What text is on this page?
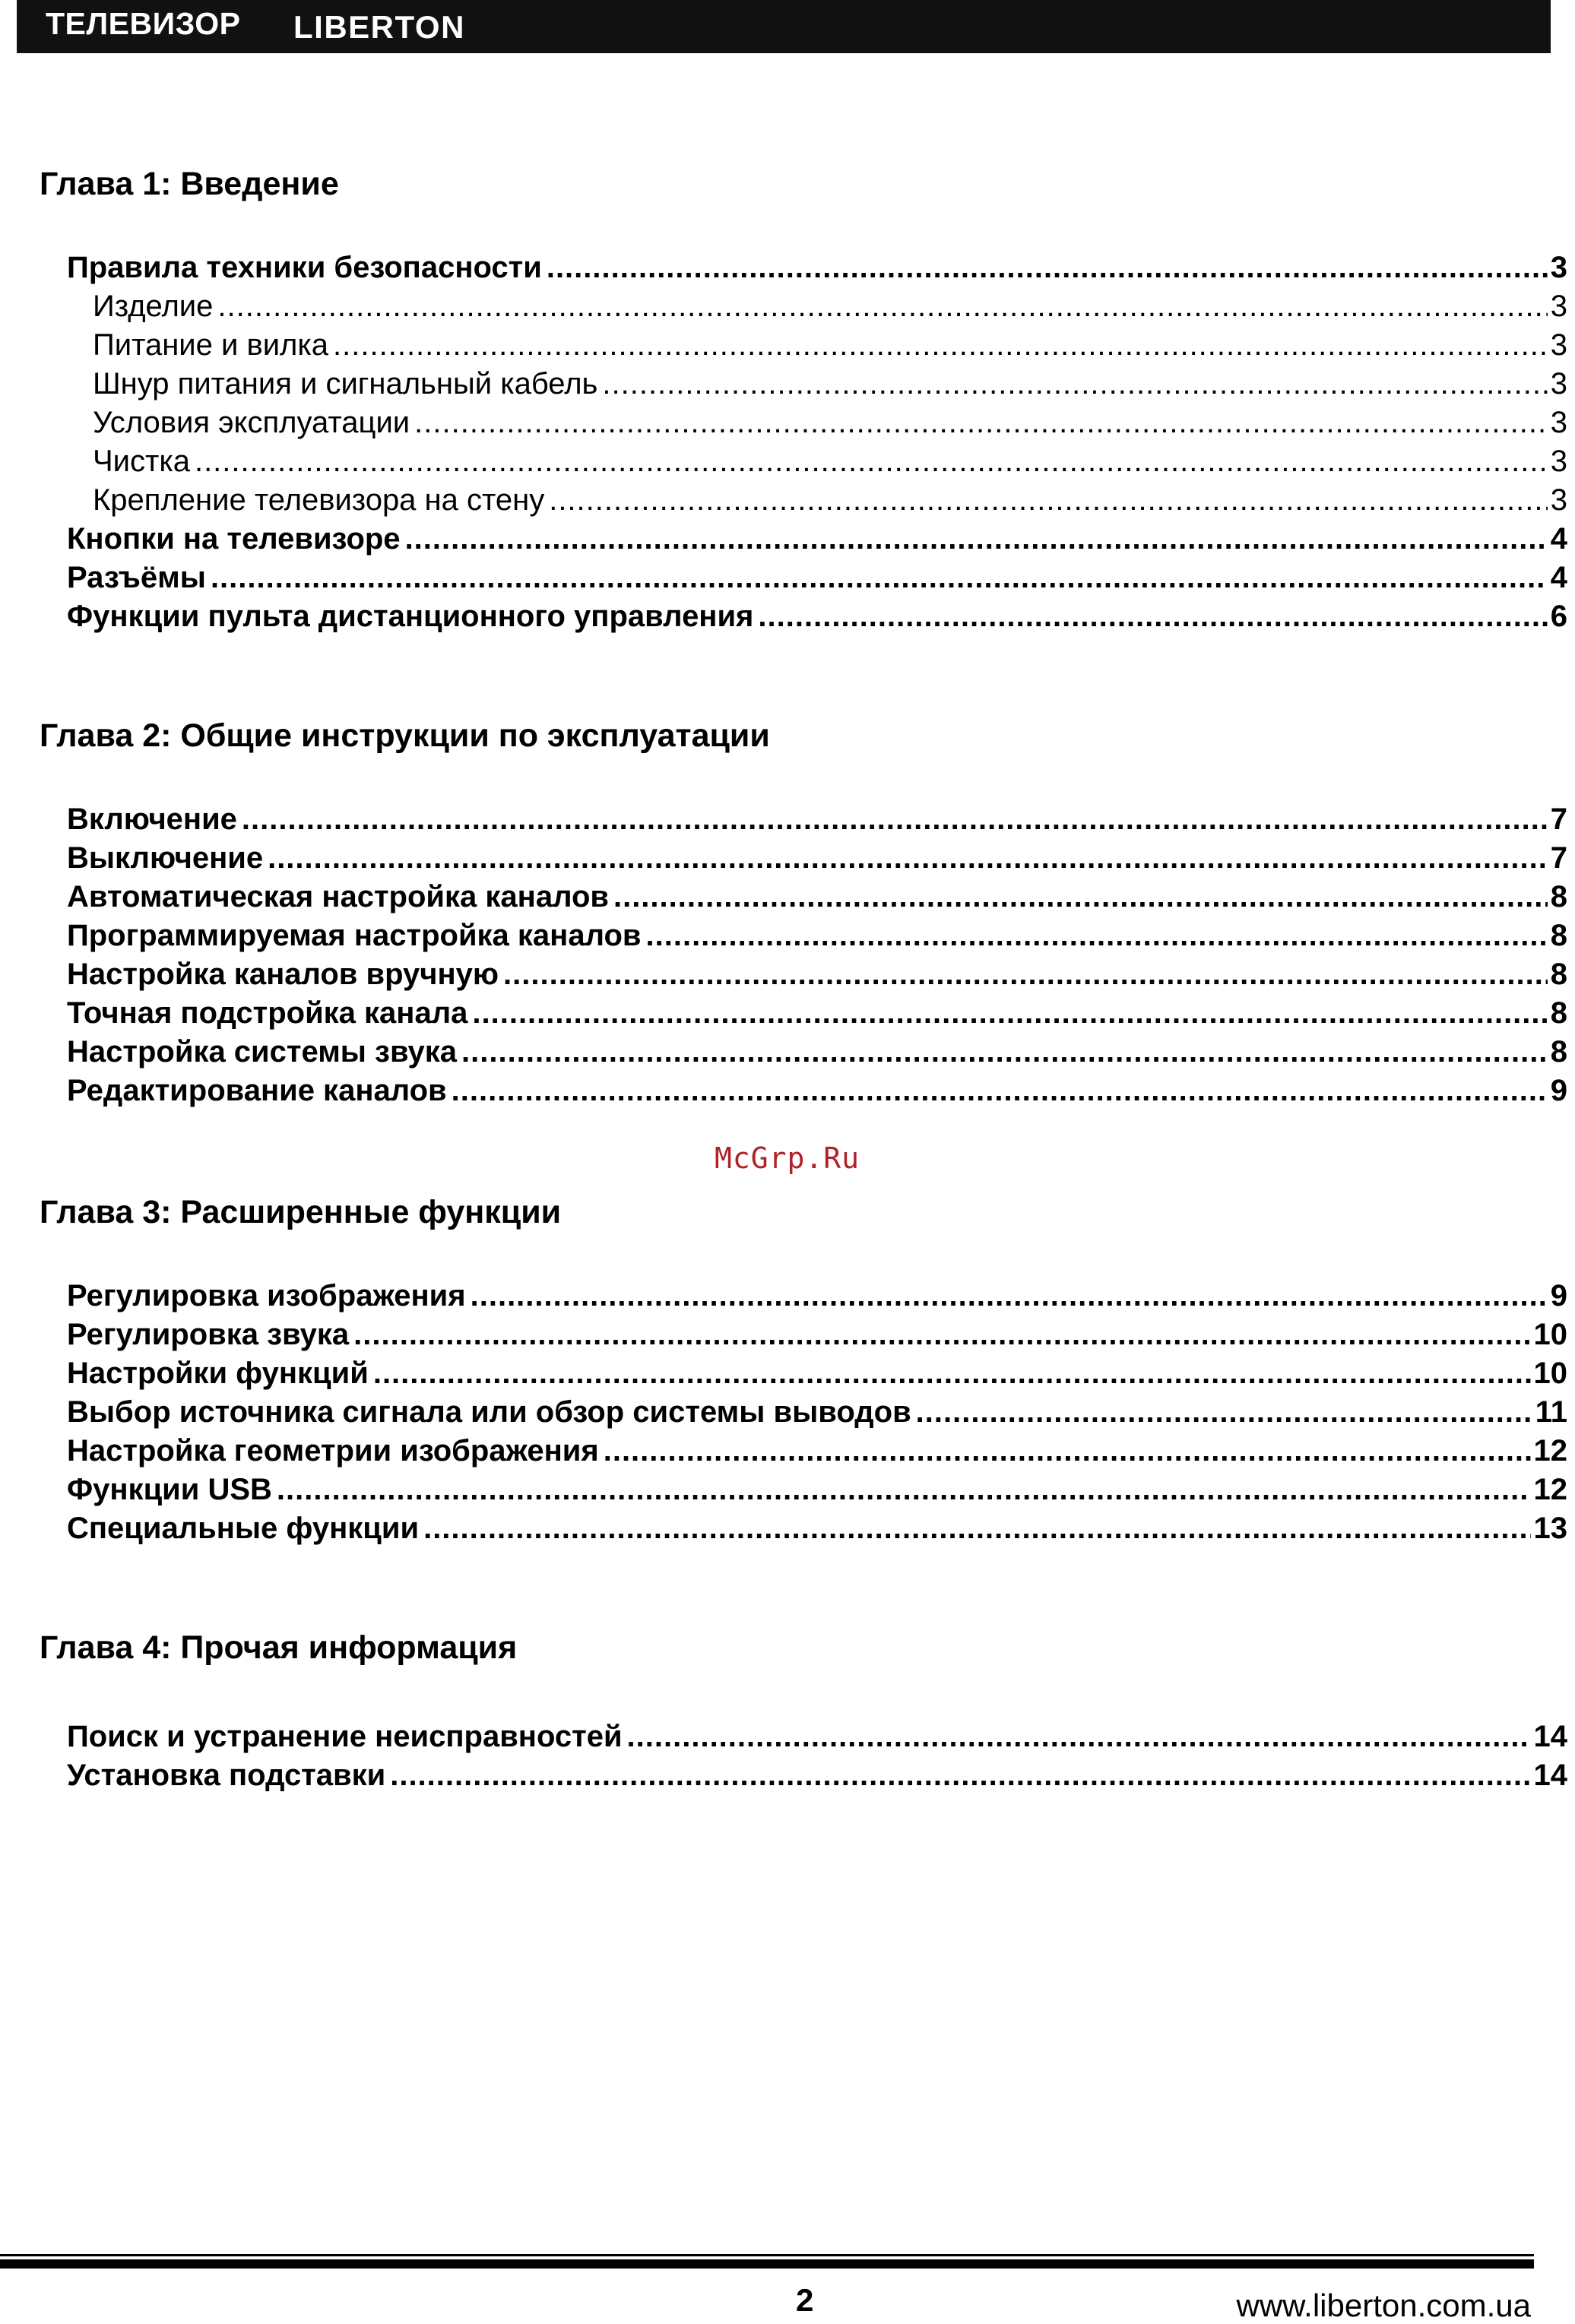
ТЕЛЕВИЗОР LIBERTON
Глава 1: Введение
Правила техники безопасности .....	3
Изделие .....	3
Питание и вилка .....	3
Шнур питания и сигнальный кабель .....	3
Условия эксплуатации .....	3
Чистка .....	3
Крепление телевизора на стену .....	3
Кнопки на телевизоре .....	4
Разъёмы .....	4
Функции пульта дистанционного управления .....	6
Глава 2: Общие инструкции по эксплуатации
Включение .....	7
Выключение .....	7
Автоматическая настройка каналов .....	8
Программируемая настройка каналов .....	8
Настройка каналов вручную .....	8
Точная подстройка канала .....	8
Настройка системы звука .....	8
Редактирование каналов .....	9
McGrp.Ru
Глава 3: Расширенные функции
Регулировка изображения .....	9
Регулировка звука .....	10
Настройки функций .....	10
Выбор источника сигнала или обзор системы выводов .....	11
Настройка геометрии изображения .....	12
Функции USB .....	12
Специальные функции .....	13
Глава 4: Прочая информация
Поиск и устранение неисправностей .....	14
Установка подставки .....	14
2	www.liberton.com.ua
